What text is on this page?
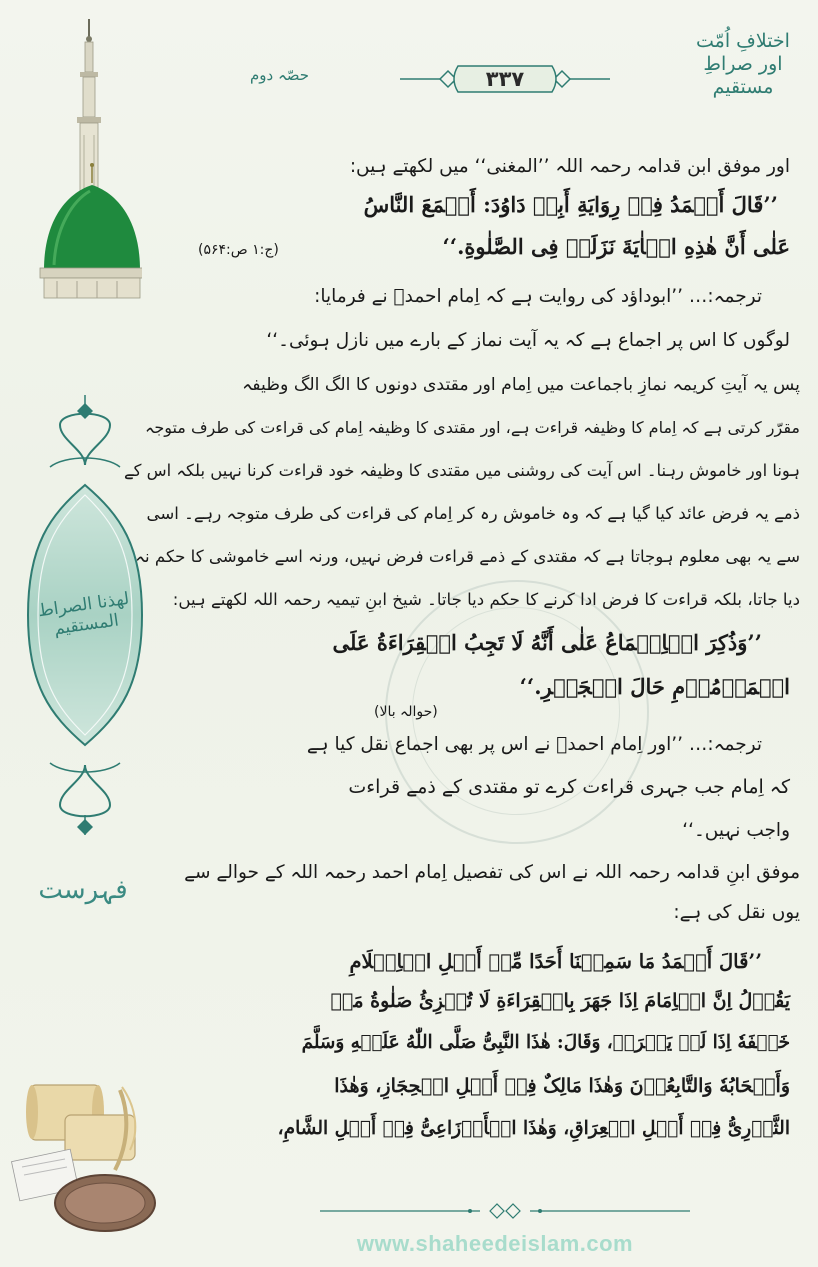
لهذنا الصراط المستقيم
فہرست
اختلافِ اُمّت
اور صراطِ مستقیم
۳۳۷
حصّہ دوم
اور موفق ابن قدامہ رحمہ اللہ ’’المغنی‘‘ میں لکھتے ہیں:
’’قَالَ أَحۡمَدُ فِیۡ رِوَایَةِ أَبِیۡ دَاوُدَ: أَجۡمَعَ النَّاسُ
عَلٰی أَنَّ هٰذِهِ الۡاٰیَةَ نَزَلَتۡ فِی الصَّلٰوةِ.‘‘
(ج:۱ ص:۵۶۴)
ترجمہ:… ’’ابوداؤد کی روایت ہے کہ اِمام احمدؒ نے فرمایا:
لوگوں کا اس پر اجماع ہے کہ یہ آیت نماز کے بارے میں نازل ہوئی۔‘‘
پس یہ آیتِ کریمہ نمازِ باجماعت میں اِمام اور مقتدی دونوں کا الگ الگ وظیفہ
مقرّر کرتی ہے کہ اِمام کا وظیفہ قراءت ہے، اور مقتدی کا وظیفہ اِمام کی قراءت کی طرف متوجہ
ہونا اور خاموش رہنا۔ اس آیت کی روشنی میں مقتدی کا وظیفہ خود قراءت کرنا نہیں بلکہ اس کے
ذمے یہ فرض عائد کیا گیا ہے کہ وہ خاموش رہ کر اِمام کی قراءت کی طرف متوجہ رہے۔ اسی
سے یہ بھی معلوم ہوجاتا ہے کہ مقتدی کے ذمے قراءت فرض نہیں، ورنہ اسے خاموشی کا حکم نہ
دیا جاتا، بلکہ قراءت کا فرض ادا کرنے کا حکم دیا جاتا۔ شیخ ابنِ تیمیہ رحمہ اللہ لکھتے ہیں:
’’وَذُکِرَ الۡاِجۡمَاعُ عَلٰی أَنَّهُ لَا تَجِبُ الۡقِرَاءَةُ عَلَی
الۡمَأۡمُوۡمِ حَالَ الۡجَهۡرِ.‘‘
(حوالہ بالا)
ترجمہ:… ’’اور اِمام احمدؒ نے اس پر بھی اجماع نقل کیا ہے
کہ اِمام جب جہری قراءت کرے تو مقتدی کے ذمے قراءت
واجب نہیں۔‘‘
موفق ابنِ قدامہ رحمہ اللہ نے اس کی تفصیل اِمام احمد رحمہ اللہ کے حوالے سے
یوں نقل کی ہے:
’’قَالَ أَحۡمَدُ مَا سَمِعۡنَا أَحَدًا مِّنۡ أَهۡلِ الۡاِسۡلَامِ
یَقُوۡلُ اِنَّ الۡاِمَامَ اِذَا جَهَرَ بِالۡقِرَاءَةِ لَا تُجۡزِیُٔ صَلٰوةُ مَنۡ
خَلۡفَهٗ اِذَا لَمۡ یَقۡرَأۡ، وَقَالَ: هٰذَا النَّبِیُّ صَلَّی اللّٰهُ عَلَیۡهِ وَسَلَّمَ
وَأَصۡحَابُهٗ وَالتَّابِعُوۡنَ وَهٰذَا مَالِکٌ فِیۡ أَهۡلِ الۡحِجَازِ، وَهٰذَا
الثَّوۡرِیُّ فِیۡ أَهۡلِ الۡعِرَاقِ، وَهٰذَا الۡأَوۡزَاعِیُّ فِیۡ أَهۡلِ الشَّامِ،
www.shaheedeislam.com
